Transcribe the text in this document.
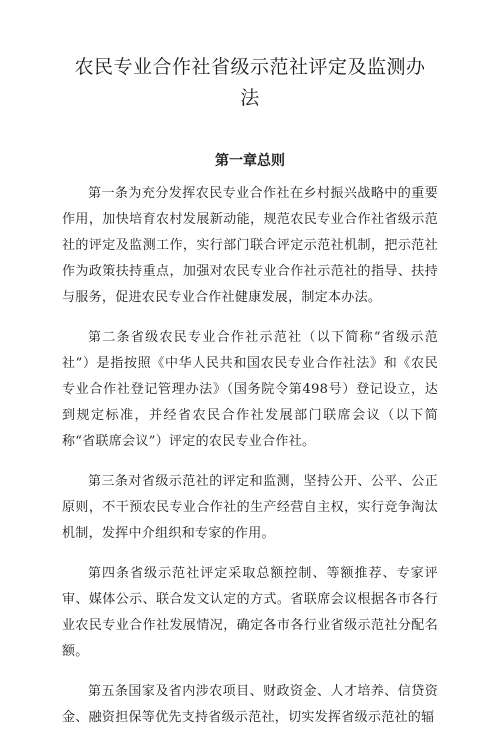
农民专业合作社省级示范社评定及监测办法
第一章总则

第一条为充分发挥农民专业合作社在乡村振兴战略中的重要作用，加快培育农村发展新动能，规范农民专业合作社省级示范社的评定及监测工作，实行部门联合评定示范社机制，把示范社作为政策扶持重点，加强对农民专业合作社示范社的指导、扶持与服务，促进农民专业合作社健康发展，制定本办法。

第二条省级农民专业合作社示范社（以下简称“省级示范社”）是指按照《中华人民共和国农民专业合作社法》和《农民专业合作社登记管理办法》（国务院令第498号）登记设立，达到规定标准，并经省农民合作社发展部门联席会议（以下简称“省联席会议”）评定的农民专业合作社。

第三条对省级示范社的评定和监测，坚持公开、公平、公正原则，不干预农民专业合作社的生产经营自主权，实行竞争淘汰机制，发挥中介组织和专家的作用。

第四条省级示范社评定采取总额控制、等额推荐、专家评审、媒体公示、联合发文认定的方式。省联席会议根据各市各行业农民专业合作社发展情况，确定各市各行业省级示范社分配名额。

第五条国家及省内涉农项目、财政资金、人才培养、信贷资金、融资担保等优先支持省级示范社，切实发挥省级示范社的辐
